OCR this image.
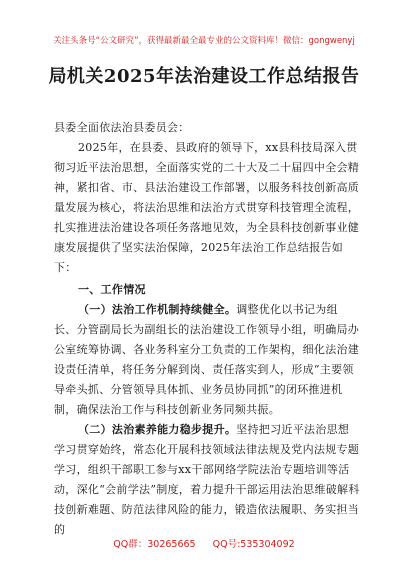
关注头条号“公文研究”，获得最新最全最专业的公文资料库！微信：gongwenyj
局机关2025年法治建设工作总结报告

县委全面依法治县委员会：

2025年，在县委、县政府的领导下，xx县科技局深入贯彻习近平法治思想，全面落实党的二十大及二十届四中全会精神，紧扣省、市、县法治建设工作部署，以服务科技创新高质量发展为核心，将法治思维和法治方式贯穿科技管理全流程，扎实推进法治建设各项任务落地见效，为全县科技创新事业健康发展提供了坚实法治保障，2025年法治工作总结报告如下：

一、工作情况

（一）法治工作机制持续健全。调整优化以书记为组长、分管副局长为副组长的法治建设工作领导小组，明确局办公室统筹协调、各业务科室分工负责的工作架构，细化法治建设责任清单，将任务分解到岗、责任落实到人，形成“主要领导牵头抓、分管领导具体抓、业务员协同抓”的闭环推进机制，确保法治工作与科技创新业务同频共振。

（二）法治素养能力稳步提升。坚持把习近平法治思想学习贯穿始终，常态化开展科技领域法律法规及党内法规专题学习，组织干部职工参与xx干部网络学院法治专题培训等活动，深化“会前学法”制度，着力提升干部运用法治思维破解科技创新难题、防范法律风险的能力，锻造依法履职、务实担当的

QQ群：30265665 QQ号:535304092
